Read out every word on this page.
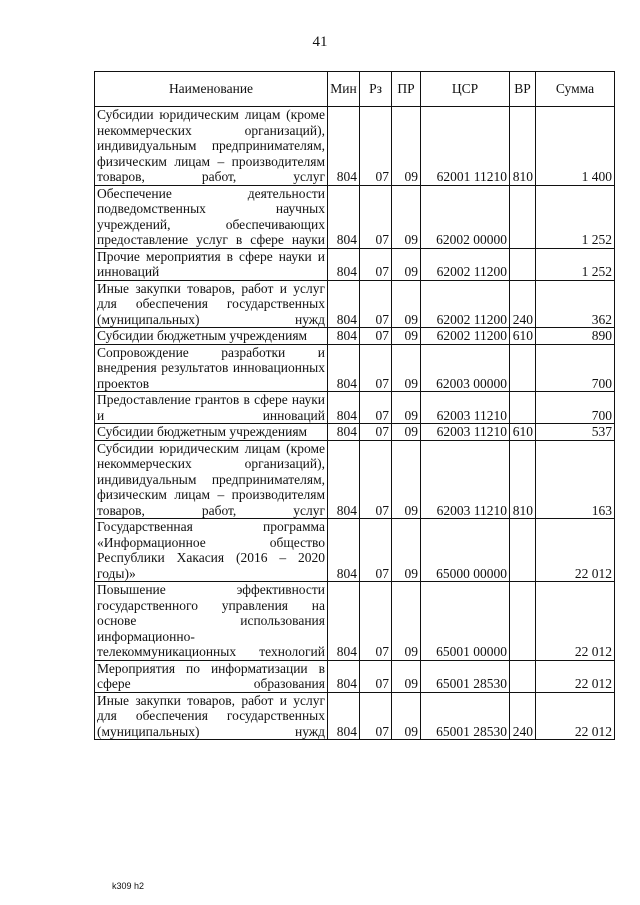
41
Наименование	Мин	Рз	ПР	ЦСР	ВР	Сумма
Субсидии юридическим лицам (кроме некоммерческих организаций), индивидуальным предпринимателям, физическим лицам – производителям товаров, работ, услуг	804	07	09	62001 11210	810	1 400
Обеспечение деятельности подведомственных научных учреждений, обеспечивающих предоставление услуг в сфере науки	804	07	09	62002 00000		1 252
Прочие мероприятия в сфере науки и инноваций	804	07	09	62002 11200		1 252
Иные закупки товаров, работ и услуг для обеспечения государственных (муниципальных) нужд	804	07	09	62002 11200	240	362
Субсидии бюджетным учреждениям	804	07	09	62002 11200	610	890
Сопровождение разработки и внедрения результатов инновационных проектов	804	07	09	62003 00000		700
Предоставление грантов в сфере науки и инноваций	804	07	09	62003 11210		700
Субсидии бюджетным учреждениям	804	07	09	62003 11210	610	537
Субсидии юридическим лицам (кроме некоммерческих организаций), индивидуальным предпринимателям, физическим лицам – производителям товаров, работ, услуг	804	07	09	62003 11210	810	163
Государственная программа «Информационное общество Республики Хакасия (2016 – 2020 годы)»	804	07	09	65000 00000		22 012
Повышение эффективности государственного управления на основе использования информационно-телекоммуникационных технологий	804	07	09	65001 00000		22 012
Мероприятия по информатизации в сфере образования	804	07	09	65001 28530		22 012
Иные закупки товаров, работ и услуг для обеспечения государственных (муниципальных) нужд	804	07	09	65001 28530	240	22 012
k309 h2
